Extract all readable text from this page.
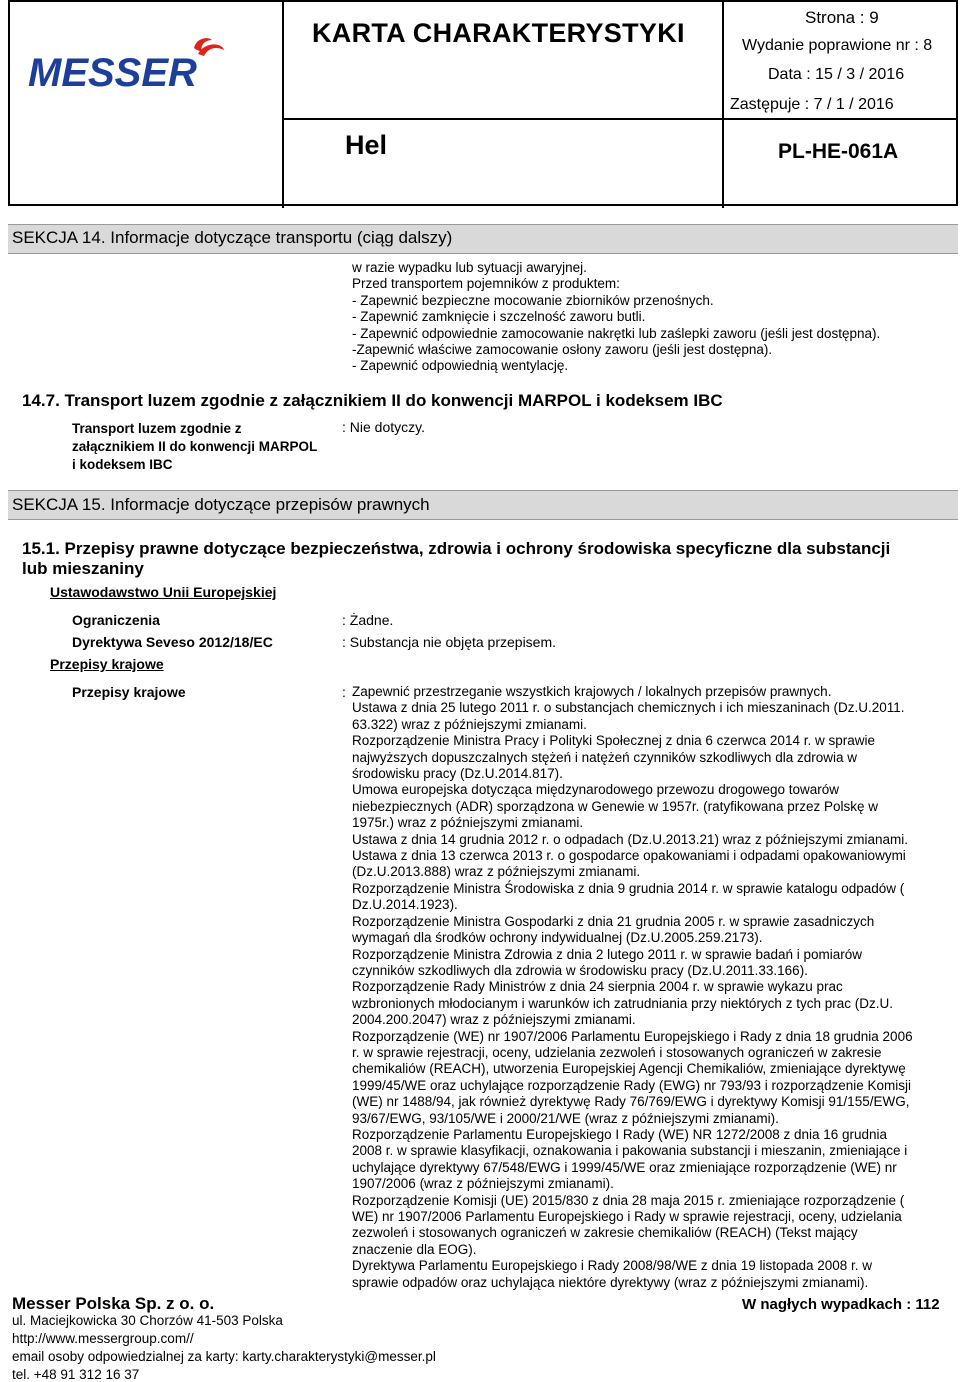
MESSER
KARTA CHARAKTERYSTYKI
Hel
Strona : 9
Wydanie poprawione nr : 8
Data : 15 / 3 / 2016
Zastępuje : 7 / 1 / 2016
PL-HE-061A
SEKCJA 14. Informacje dotyczące transportu (ciąg dalszy)
w razie wypadku lub sytuacji awaryjnej.
Przed transportem pojemników z produktem:
- Zapewnić bezpieczne mocowanie zbiorników przenośnych.
- Zapewnić zamknięcie i szczelność zaworu butli.
- Zapewnić odpowiednie zamocowanie nakrętki lub zaślepki zaworu (jeśli jest dostępna).
-Zapewnić właściwe zamocowanie osłony zaworu (jeśli jest dostępna).
- Zapewnić odpowiednią wentylację.
14.7. Transport luzem zgodnie z załącznikiem II do konwencji MARPOL i kodeksem IBC
Transport luzem zgodnie z
załącznikiem II do konwencji MARPOL
i kodeksem IBC
: Nie dotyczy.
SEKCJA 15. Informacje dotyczące przepisów prawnych
15.1. Przepisy prawne dotyczące bezpieczeństwa, zdrowia i ochrony środowiska specyficzne dla substancji
lub mieszaniny
Ustawodawstwo Unii Europejskiej
Ograniczenia	: Żadne.
Dyrektywa Seveso 2012/18/EC	: Substancja nie objęta przepisem.
Przepisy krajowe
Przepisy krajowe	: Zapewnić przestrzeganie wszystkich krajowych / lokalnych przepisów prawnych.
Ustawa z dnia 25 lutego 2011 r. o substancjach chemicznych i ich mieszaninach (Dz.U.2011.
63.322) wraz z późniejszymi zmianami.
Rozporządzenie Ministra Pracy i Polityki Społecznej z dnia 6 czerwca 2014 r. w sprawie
najwyższych dopuszczalnych stężeń i natężeń czynników szkodliwych dla zdrowia w
środowisku pracy (Dz.U.2014.817).
Umowa europejska dotycząca międzynarodowego przewozu drogowego towarów
niebezpiecznych (ADR) sporządzona w Genewie w 1957r. (ratyfikowana przez Polskę w
1975r.) wraz z późniejszymi zmianami.
Ustawa z dnia 14 grudnia 2012 r. o odpadach (Dz.U.2013.21) wraz z późniejszymi zmianami.
Ustawa z dnia 13 czerwca 2013 r. o gospodarce opakowaniami i odpadami opakowaniowymi
(Dz.U.2013.888) wraz z późniejszymi zmianami.
Rozporządzenie Ministra Środowiska z dnia 9 grudnia 2014 r. w sprawie katalogu odpadów (
Dz.U.2014.1923).
Rozporządzenie Ministra Gospodarki z dnia 21 grudnia 2005 r. w sprawie zasadniczych
wymagań dla środków ochrony indywidualnej (Dz.U.2005.259.2173).
Rozporządzenie Ministra Zdrowia z dnia 2 lutego 2011 r. w sprawie badań i pomiarów
czynników szkodliwych dla zdrowia w środowisku pracy (Dz.U.2011.33.166).
Rozporządzenie Rady Ministrów z dnia 24 sierpnia 2004 r. w sprawie wykazu prac
wzbronionych młodocianym i warunków ich zatrudniania przy niektórych z tych prac (Dz.U.
2004.200.2047) wraz z późniejszymi zmianami.
Rozporządzenie (WE) nr 1907/2006 Parlamentu Europejskiego i Rady z dnia 18 grudnia 2006
r. w sprawie rejestracji, oceny, udzielania zezwoleń i stosowanych ograniczeń w zakresie
chemikaliów (REACH), utworzenia Europejskiej Agencji Chemikaliów, zmieniające dyrektywę
1999/45/WE oraz uchylające rozporządzenie Rady (EWG) nr 793/93 i rozporządzenie Komisji
(WE) nr 1488/94, jak również dyrektywę Rady 76/769/EWG i dyrektywy Komisji 91/155/EWG,
93/67/EWG, 93/105/WE i 2000/21/WE (wraz z późniejszymi zmianami).
Rozporządzenie Parlamentu Europejskiego I Rady (WE) NR 1272/2008 z dnia 16 grudnia
2008 r. w sprawie klasyfikacji, oznakowania i pakowania substancji i mieszanin, zmieniające i
uchylające dyrektywy 67/548/EWG i 1999/45/WE oraz zmieniające rozporządzenie (WE) nr
1907/2006 (wraz z późniejszymi zmianami).
Rozporządzenie Komisji (UE) 2015/830 z dnia 28 maja 2015 r. zmieniające rozporządzenie (
WE) nr 1907/2006 Parlamentu Europejskiego i Rady w sprawie rejestracji, oceny, udzielania
zezwoleń i stosowanych ograniczeń w zakresie chemikaliów (REACH) (Tekst mający
znaczenie dla EOG).
Dyrektywa Parlamentu Europejskiego i Rady 2008/98/WE z dnia 19 listopada 2008 r. w
sprawie odpadów oraz uchylająca niektóre dyrektywy (wraz z późniejszymi zmianami).
Messer Polska Sp. z o. o.
ul. Maciejkowicka 30 Chorzów 41-503 Polska
http://www.messergroup.com//
email osoby odpowiedzialnej za karty: karty.charakterystyki@messer.pl
tel. +48 91 312 16 37
W nagłych wypadkach : 112
